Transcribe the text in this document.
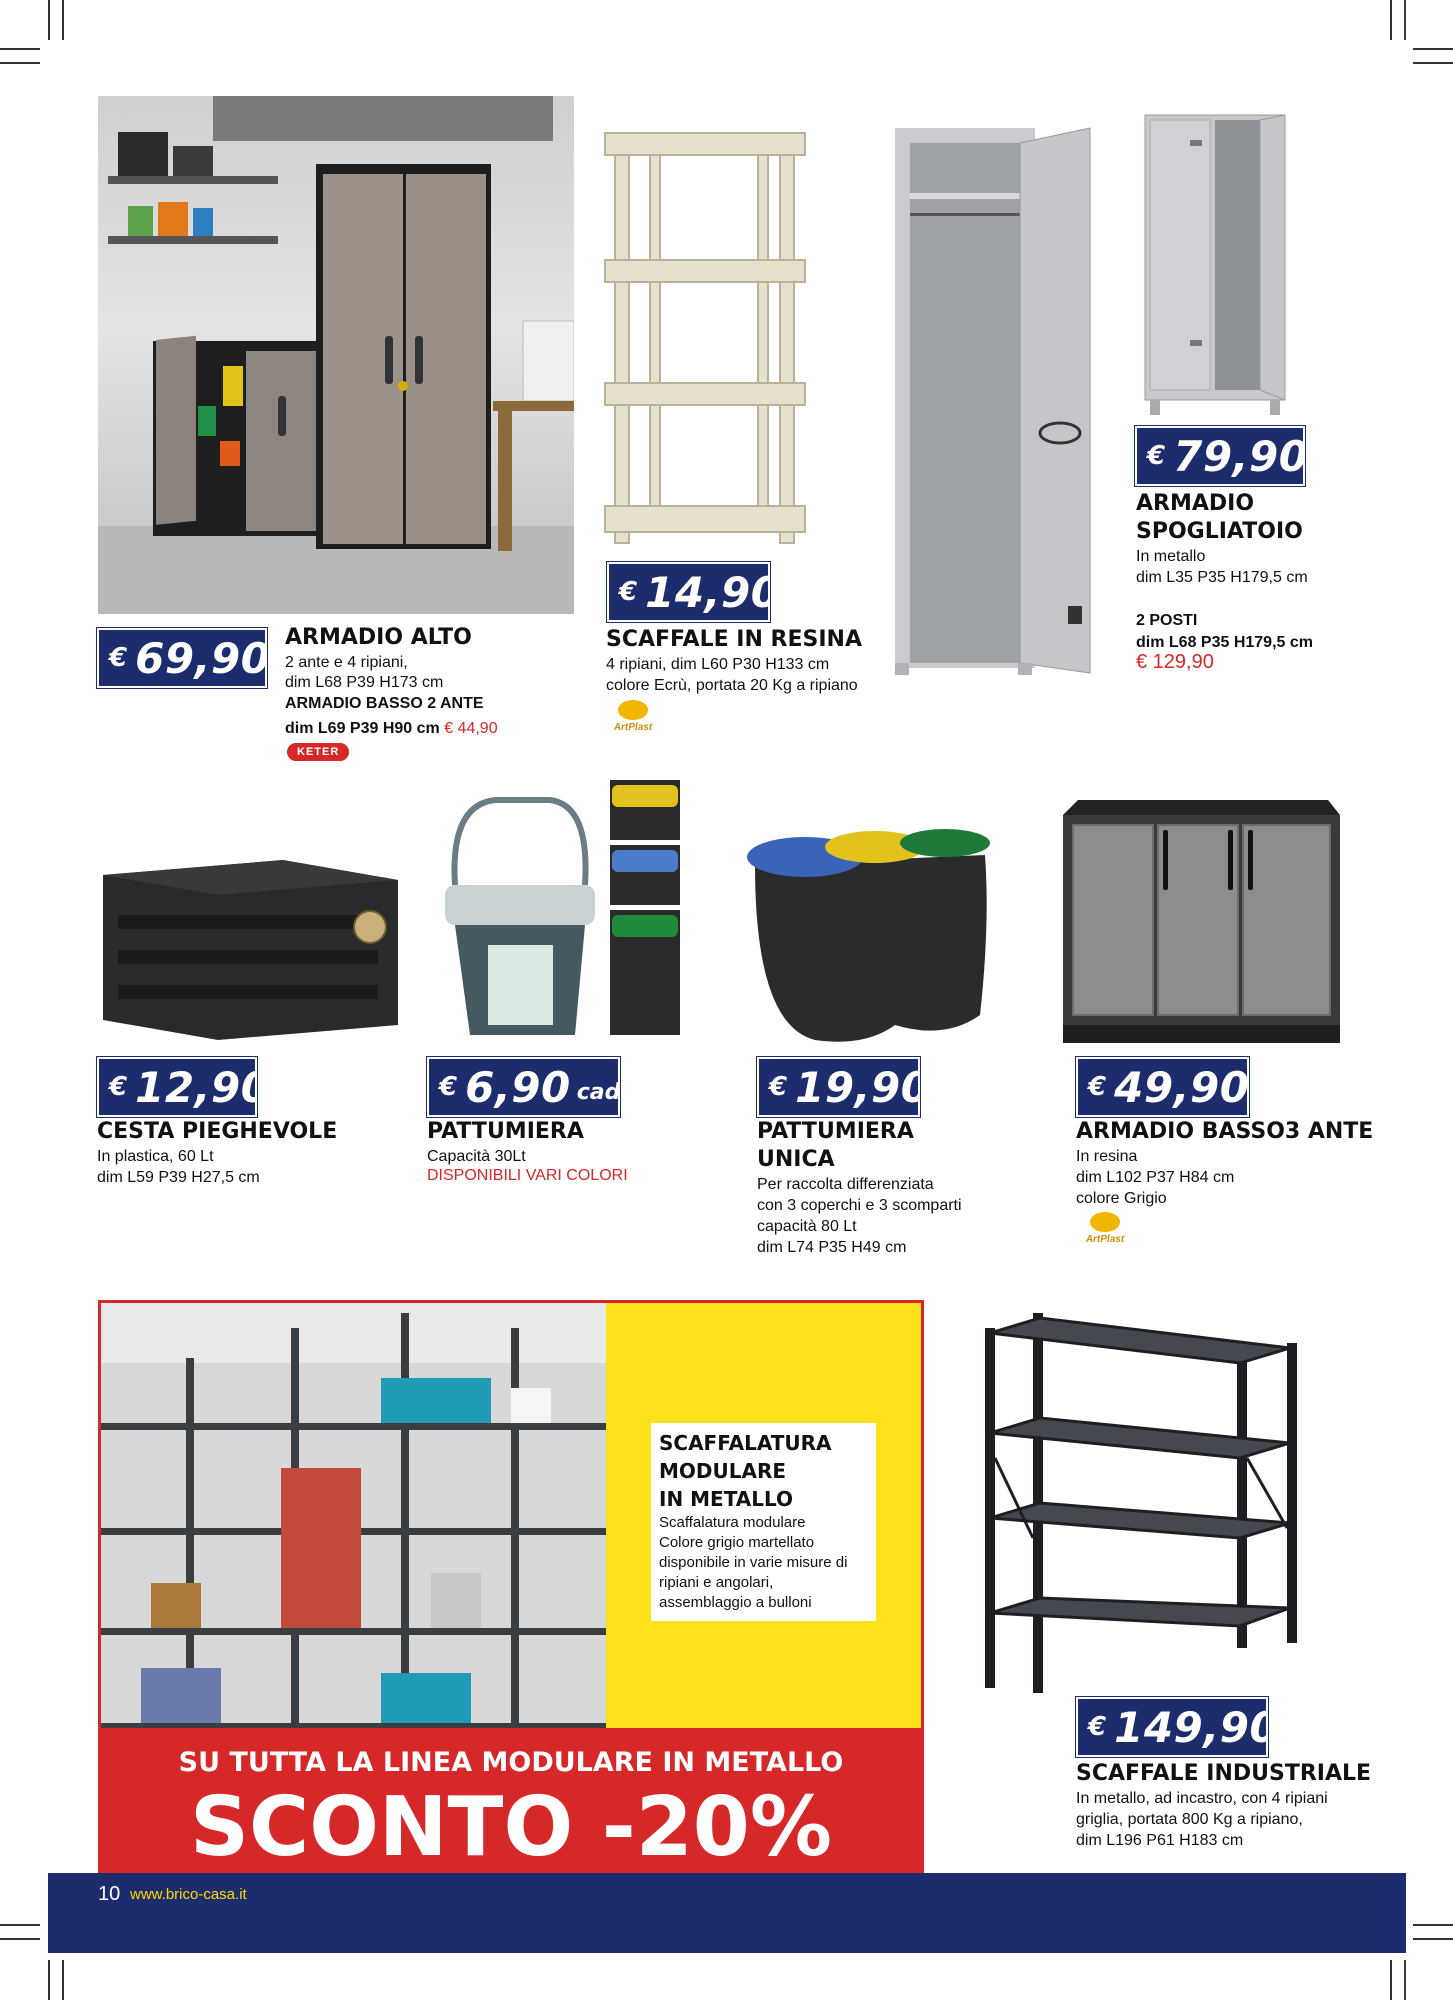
€ 69,90 ARMADIO ALTO
2 ante e 4 ripiani,
dim L68 P39 H173 cm
ARMADIO BASSO 2 ANTE
dim L69 P39 H90 cm € 44,90
KETER
€ 14,90
SCAFFALE IN RESINA
4 ripiani, dim L60 P30 H133 cm
colore Ecrù, portata 20 Kg a ripiano
ArtPlast
€ 79,90
ARMADIO
SPOGLIATOIO
In metallo
dim L35 P35 H179,5 cm
2 POSTI
dim L68 P35 H179,5 cm
€ 129,90
€ 12,90
CESTA PIEGHEVOLE
In plastica, 60 Lt
dim L59 P39 H27,5 cm
€ 6,90 cad.
PATTUMIERA
Capacità 30Lt
DISPONIBILI VARI COLORI
€ 19,90
PATTUMIERA
UNICA
Per raccolta differenziata
con 3 coperchi e 3 scomparti
capacità 80 Lt
dim L74 P35 H49 cm
€ 49,90
ARMADIO BASSO3 ANTE
In resina
dim L102 P37 H84 cm
colore Grigio
ArtPlast
SCAFFALATURA
MODULARE
IN METALLO
Scaffalatura modulare
Colore grigio martellato
disponibile in varie misure di
ripiani e angolari,
assemblaggio a bulloni
SU TUTTA LA LINEA MODULARE IN METALLO
SCONTO -20%
€ 149,90
SCAFFALE INDUSTRIALE
In metallo, ad incastro, con 4 ripiani
griglia, portata 800 Kg a ripiano,
dim L196 P61 H183 cm
10 www.brico-casa.it
